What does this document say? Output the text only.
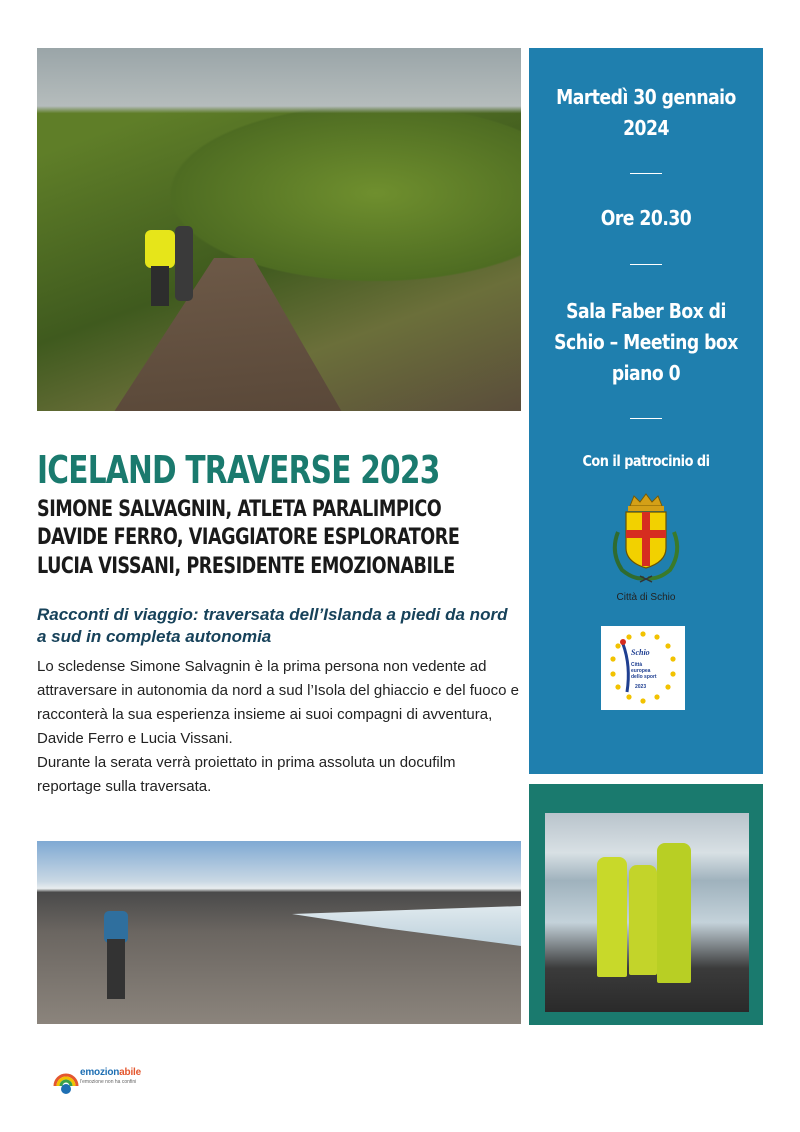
Martedì 30 gennaio 2024
Ore 20.30
Sala Faber Box di Schio – Meeting box piano 0
Con il patrocinio di
Città di Schio
Schio
Città
europea
dello sport
2023
ICELAND TRAVERSE 2023
SIMONE SALVAGNIN, ATLETA PARALIMPICO
DAVIDE FERRO, VIAGGIATORE ESPLORATORE
LUCIA VISSANI, PRESIDENTE EMOZIONABILE
Racconti di viaggio: traversata dell’Islanda a piedi da nord a sud in completa autonomia

Lo scledense Simone Salvagnin è la prima persona non vedente ad attraversare in autonomia da nord a sud l’Isola del ghiaccio e del fuoco e racconterà la sua esperienza insieme ai suoi compagni di avventura, Davide Ferro e Lucia Vissani.

Durante la serata verrà proiettato in prima assoluta un docufilm reportage sulla traversata.

emozionabile
l'emozione non ha confini
